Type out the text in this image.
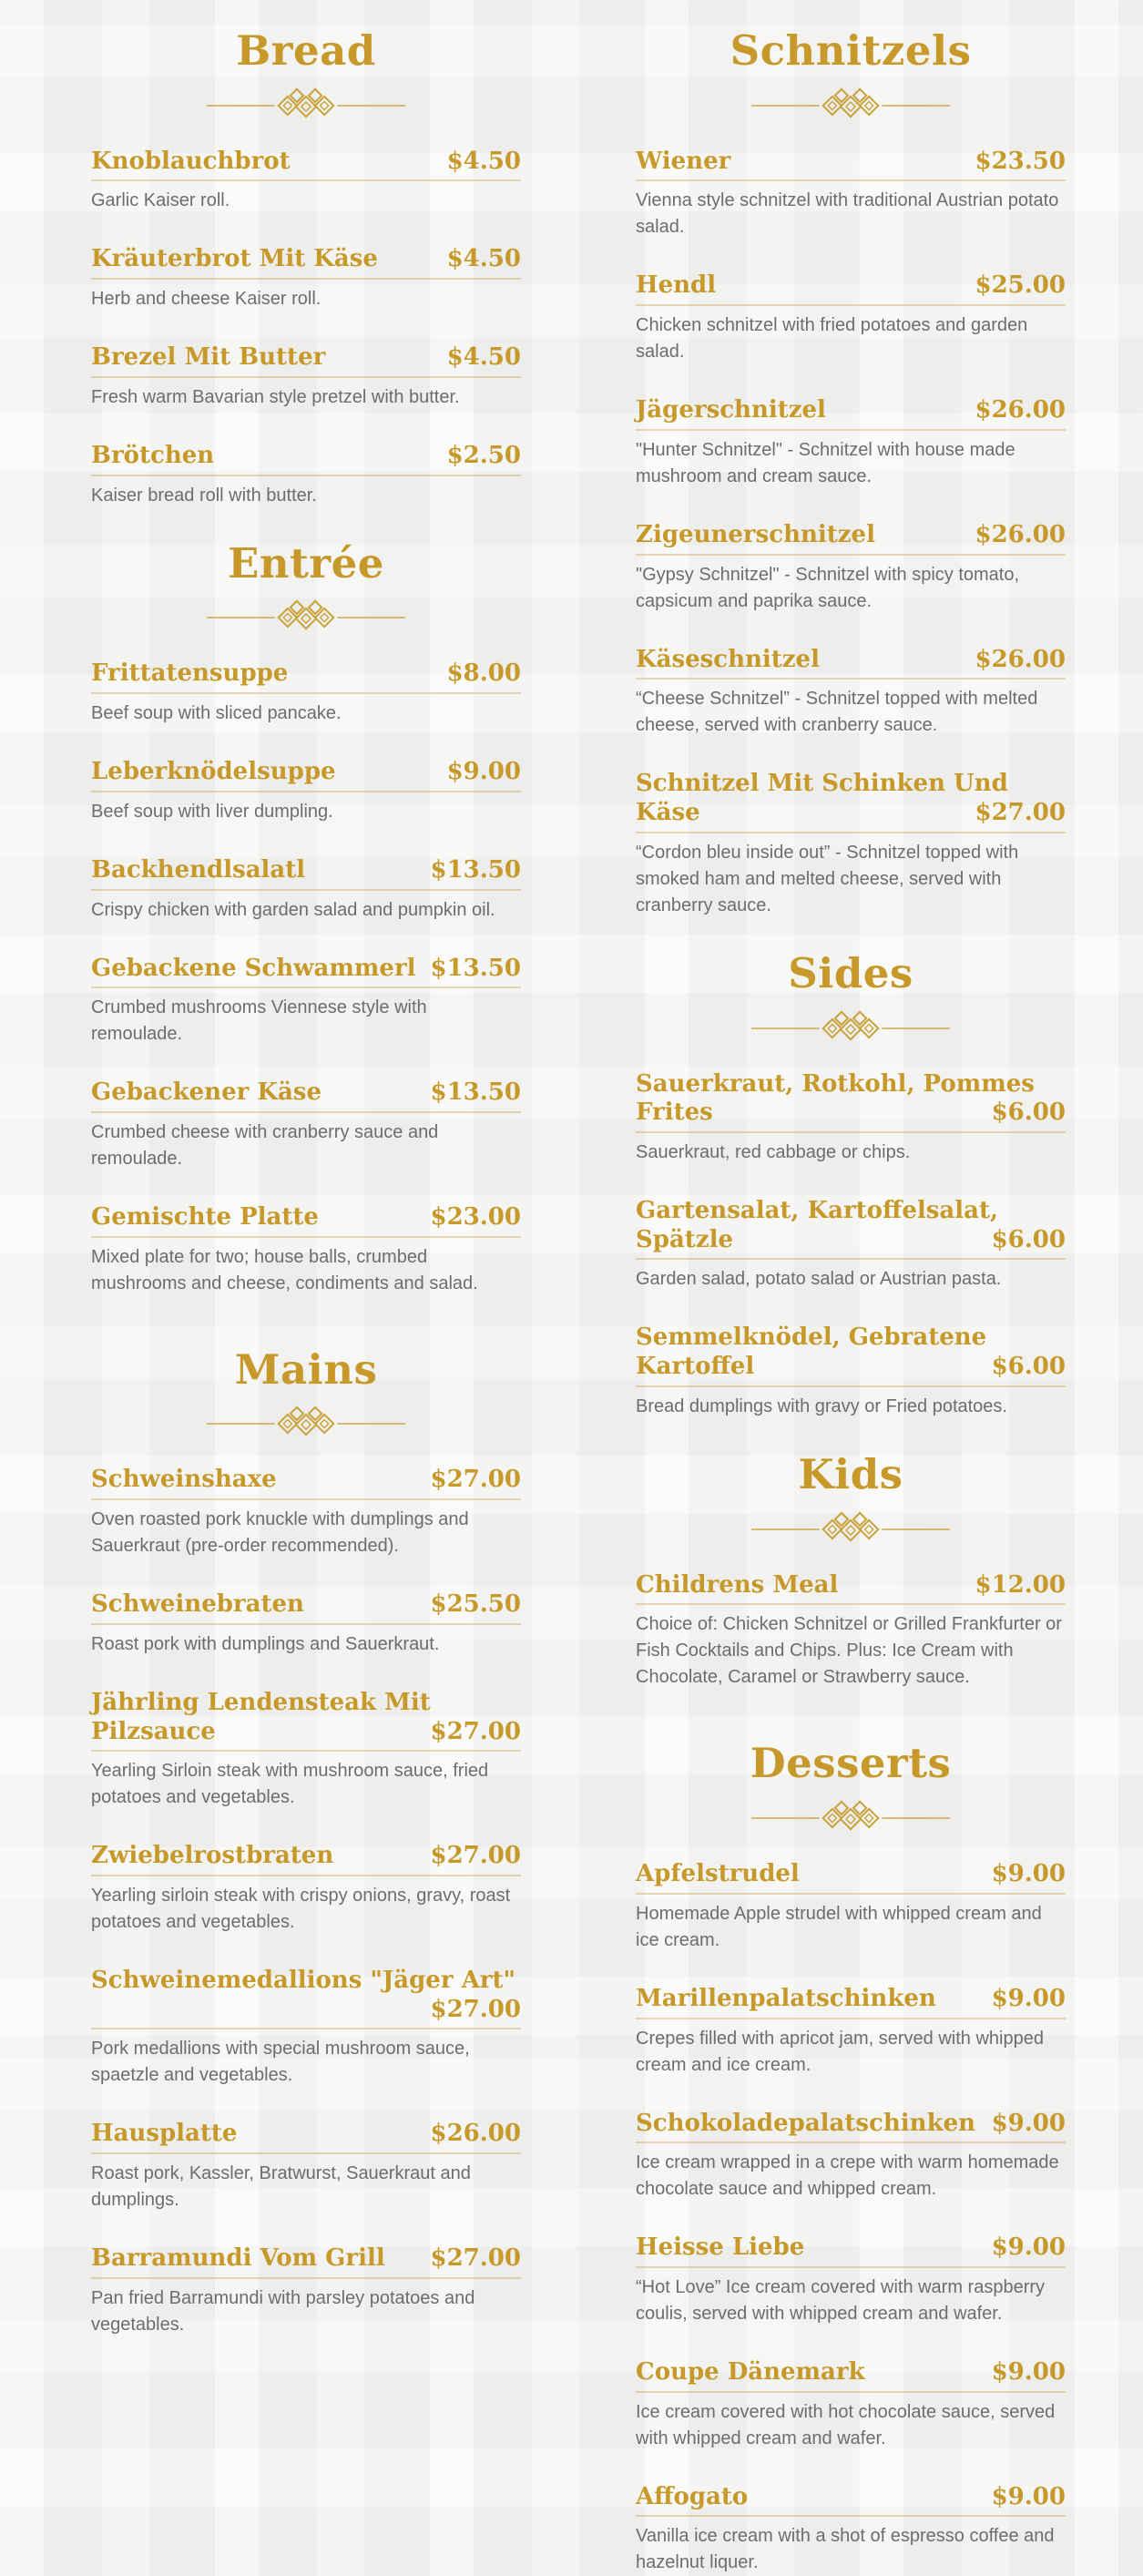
Bread
Knoblauchbrot	$4.50

Garlic Kaiser roll.

Kräuterbrot Mit Käse	$4.50

Herb and cheese Kaiser roll.

Brezel Mit Butter	$4.50

Fresh warm Bavarian style pretzel with butter.

Brötchen	$2.50

Kaiser bread roll with butter.

Entrée
Frittatensuppe	$8.00

Beef soup with sliced pancake.

Leberknödelsuppe	$9.00

Beef soup with liver dumpling.

Backhendlsalatl	$13.50

Crispy chicken with garden salad and pumpkin oil.

Gebackene Schwammerl $13.50

Crumbed mushrooms Viennese style with remoulade.

Gebackener Käse	$13.50

Crumbed cheese with cranberry sauce and remoulade.

Gemischte Platte	$23.00

Mixed plate for two; house balls, crumbed mushrooms and cheese, condiments and salad.

Mains
Schweinshaxe	$27.00

Oven roasted pork knuckle with dumplings and Sauerkraut (pre-order recommended).

Schweinebraten	$25.50

Roast pork with dumplings and Sauerkraut.

Jährling Lendensteak Mit Pilzsauce	$27.00

Yearling Sirloin steak with mushroom sauce, fried potatoes and vegetables.

Zwiebelrostbraten	$27.00

Yearling sirloin steak with crispy onions, gravy, roast potatoes and vegetables.

Schweinemedallions "Jäger Art"
$27.00

Pork medallions with special mushroom sauce, spaetzle and vegetables.

Hausplatte	$26.00

Roast pork, Kassler, Bratwurst, Sauerkraut and dumplings.

Barramundi Vom Grill $27.00

Pan fried Barramundi with parsley potatoes and vegetables.

Schnitzels
Wiener	$23.50

Vienna style schnitzel with traditional Austrian potato salad.

Hendl	$25.00

Chicken schnitzel with fried potatoes and garden salad.

Jägerschnitzel	$26.00

"Hunter Schnitzel" - Schnitzel with house made mushroom and cream sauce.

Zigeunerschnitzel	$26.00

"Gypsy Schnitzel" - Schnitzel with spicy tomato, capsicum and paprika sauce.

Käseschnitzel	$26.00

“Cheese Schnitzel” - Schnitzel topped with melted cheese, served with cranberry sauce.

Schnitzel Mit Schinken Und Käse	$27.00

“Cordon bleu inside out” - Schnitzel topped with smoked ham and melted cheese, served with cranberry sauce.

Sides
Sauerkraut, Rotkohl, Pommes Frites	$6.00

Sauerkraut, red cabbage or chips.

Gartensalat, Kartoffelsalat, Spätzle	$6.00

Garden salad, potato salad or Austrian pasta.

Semmelknödel, Gebratene Kartoffel	$6.00

Bread dumplings with gravy or Fried potatoes.

Kids
Childrens Meal	$12.00

Choice of: Chicken Schnitzel or Grilled Frankfurter or Fish Cocktails and Chips. Plus: Ice Cream with Chocolate, Caramel or Strawberry sauce.

Desserts
Apfelstrudel	$9.00

Homemade Apple strudel with whipped cream and ice cream.

Marillenpalatschinken $9.00

Crepes filled with apricot jam, served with whipped cream and ice cream.

Schokoladepalatschinken $9.00

Ice cream wrapped in a crepe with warm homemade chocolate sauce and whipped cream.

Heisse Liebe	$9.00

“Hot Love” Ice cream covered with warm raspberry coulis, served with whipped cream and wafer.

Coupe Dänemark	$9.00

Ice cream covered with hot chocolate sauce, served with whipped cream and wafer.

Affogato	$9.00

Vanilla ice cream with a shot of espresso coffee and hazelnut liquer.
